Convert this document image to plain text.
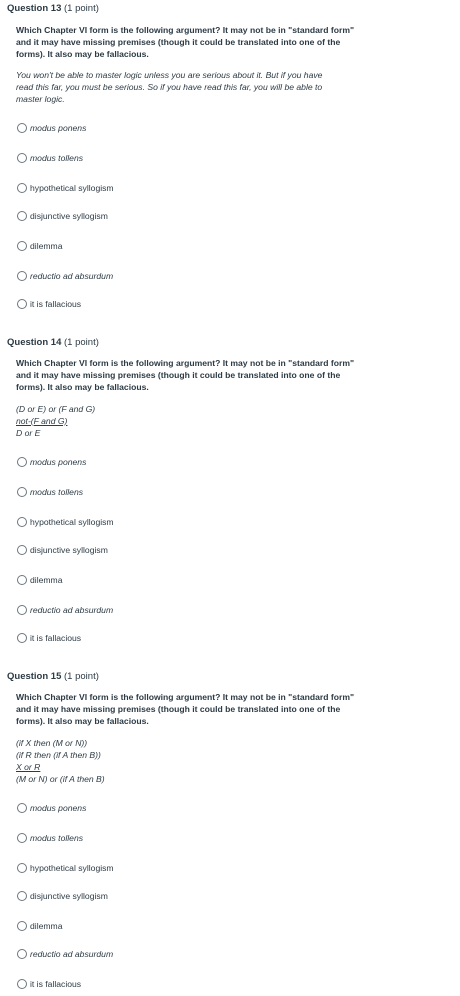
Question 13 (1 point)
Which Chapter VI form is the following argument? It may not be in "standard form"
and it may have missing premises (though it could be translated into one of the
forms). It also may be fallacious.
You won't be able to master logic unless you are serious about it. But if you have
read this far, you must be serious. So if you have read this far, you will be able to
master logic.
modus ponens
modus tollens
hypothetical syllogism
disjunctive syllogism
dilemma
reductio ad absurdum
it is fallacious
Question 14 (1 point)
Which Chapter VI form is the following argument? It may not be in "standard form"
and it may have missing premises (though it could be translated into one of the
forms). It also may be fallacious.
(D or E) or (F and G)
not-(F and G)
D or E
modus ponens
modus tollens
hypothetical syllogism
disjunctive syllogism
dilemma
reductio ad absurdum
it is fallacious
Question 15 (1 point)
Which Chapter VI form is the following argument? It may not be in "standard form"
and it may have missing premises (though it could be translated into one of the
forms). It also may be fallacious.
(if X then (M or N))
(if R then (if A then B))
X or R
(M or N) or (if A then B)
modus ponens
modus tollens
hypothetical syllogism
disjunctive syllogism
dilemma
reductio ad absurdum
it is fallacious
